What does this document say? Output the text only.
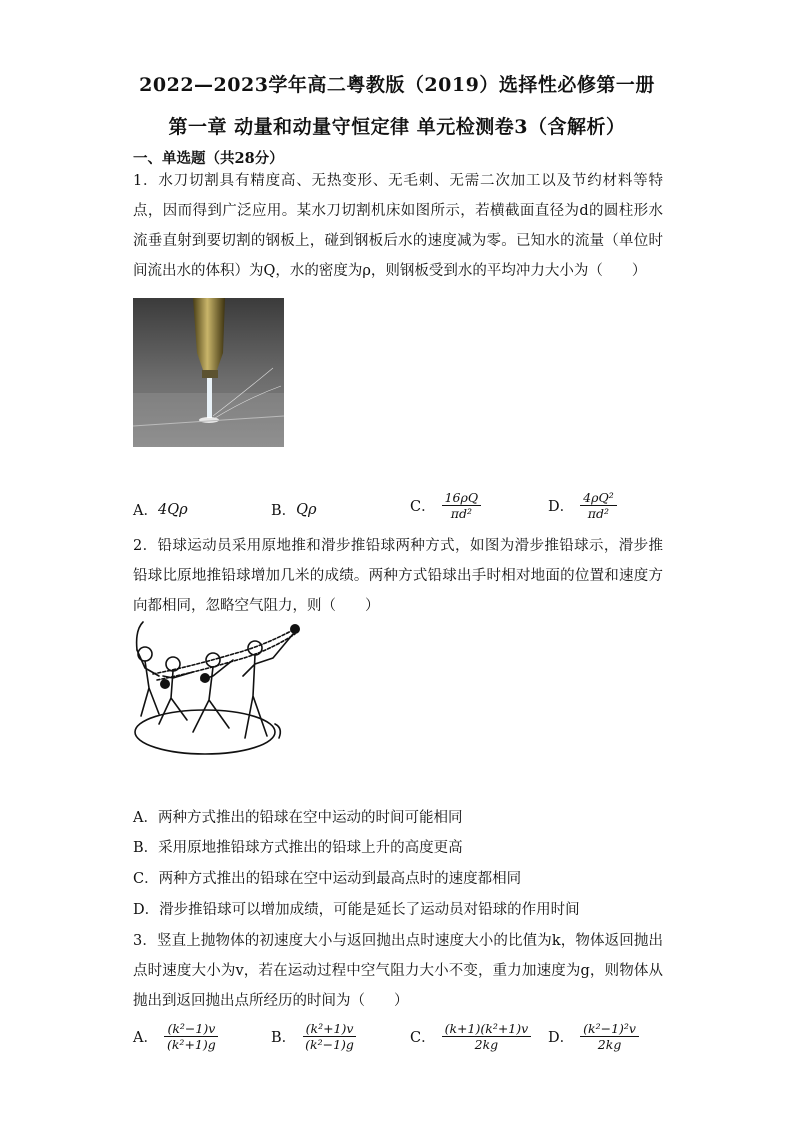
2022—2023学年高二粤教版（2019）选择性必修第一册
第一章 动量和动量守恒定律 单元检测卷3（含解析）
一、单选题（共28分）
1．水刀切割具有精度高、无热变形、无毛刺、无需二次加工以及节约材料等特点，因而得到广泛应用。某水刀切割机床如图所示，若横截面直径为d的圆柱形水流垂直射到要切割的钢板上，碰到钢板后水的速度减为零。已知水的流量（单位时间流出水的体积）为Q，水的密度为ρ，则钢板受到水的平均冲力大小为（　　）
A． 4Qρ	B． Qρ	C． $\frac{16\rho Q}{\text{πd²}}$	D． $\frac{\text{4ρQ²}}{\text{πd²}}$
2．铅球运动员采用原地推和滑步推铅球两种方式，如图为滑步推铅球示，滑步推铅球比原地推铅球增加几米的成绩。两种方式铅球出手时相对地面的位置和速度方向都相同，忽略空气阻力，则（　　）
A．两种方式推出的铅球在空中运动的时间可能相同
B．采用原地推铅球方式推出的铅球上升的高度更高
C．两种方式推出的铅球在空中运动到最高点时的速度都相同
D．滑步推铅球可以增加成绩，可能是延长了运动员对铅球的作用时间
3．竖直上抛物体的初速度大小与返回抛出点时速度大小的比值为k，物体返回抛出点时速度大小为v，若在运动过程中空气阻力大小不变，重力加速度为g，则物体从抛出到返回抛出点所经历的时间为（　　）
A． $\frac{\text{(k²−1)v}}{\text{(k²+1)g}}$	B． $\frac{\text{(k²+1)v}}{\text{(k²−1)g}}$	C． $\frac{\text{(k+1)(k²+1)v}}{2kg}$ D． $\frac{\text{(k²−1)²v}}{2kg}$
